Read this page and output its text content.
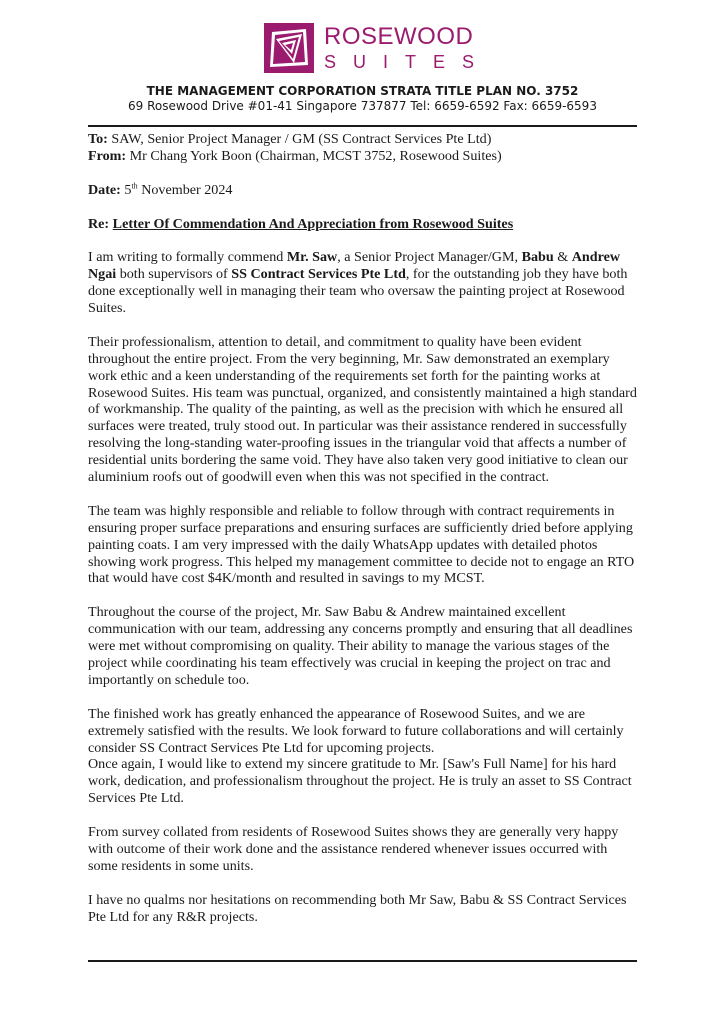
ROSEWOOD
SUITES
THE MANAGEMENT CORPORATION STRATA TITLE PLAN NO. 3752
69 Rosewood Drive #01-41 Singapore 737877 Tel: 6659-6592 Fax: 6659-6593

To: SAW, Senior Project Manager / GM (SS Contract Services Pte Ltd)
From: Mr Chang York Boon (Chairman, MCST 3752, Rosewood Suites)

Date: 5th November 2024

Re: Letter Of Commendation And Appreciation from Rosewood Suites

I am writing to formally commend Mr. Saw, a Senior Project Manager/GM, Babu & Andrew Ngai both supervisors of SS Contract Services Pte Ltd, for the outstanding job they have both done exceptionally well in managing their team who oversaw the painting project at Rosewood Suites.

Their professionalism, attention to detail, and commitment to quality have been evident throughout the entire project. From the very beginning, Mr. Saw demonstrated an exemplary work ethic and a keen understanding of the requirements set forth for the painting works at Rosewood Suites. His team was punctual, organized, and consistently maintained a high standard of workmanship. The quality of the painting, as well as the precision with which he ensured all surfaces were treated, truly stood out. In particular was their assistance rendered in successfully resolving the long-standing water-proofing issues in the triangular void that affects a number of residential units bordering the same void. They have also taken very good initiative to clean our aluminium roofs out of goodwill even when this was not specified in the contract.

The team was highly responsible and reliable to follow through with contract requirements in ensuring proper surface preparations and ensuring surfaces are sufficiently dried before applying painting coats. I am very impressed with the daily WhatsApp updates with detailed photos showing work progress. This helped my management committee to decide not to engage an RTO that would have cost $4K/month and resulted in savings to my MCST.

Throughout the course of the project, Mr. Saw Babu & Andrew maintained excellent communication with our team, addressing any concerns promptly and ensuring that all deadlines were met without compromising on quality. Their ability to manage the various stages of the project while coordinating his team effectively was crucial in keeping the project on trac and importantly on schedule too.

The finished work has greatly enhanced the appearance of Rosewood Suites, and we are extremely satisfied with the results. We look forward to future collaborations and will certainly consider SS Contract Services Pte Ltd for upcoming projects.
Once again, I would like to extend my sincere gratitude to Mr. [Saw's Full Name] for his hard work, dedication, and professionalism throughout the project. He is truly an asset to SS Contract Services Pte Ltd.

From survey collated from residents of Rosewood Suites shows they are generally very happy with outcome of their work done and the assistance rendered whenever issues occurred with some residents in some units.

I have no qualms nor hesitations on recommending both Mr Saw, Babu & SS Contract Services Pte Ltd for any R&R projects.
